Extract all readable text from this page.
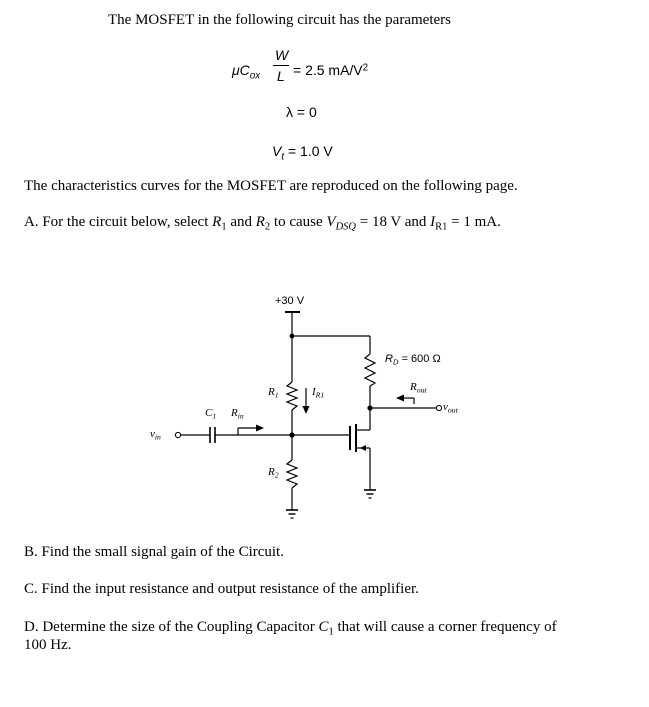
The MOSFET in the following circuit has the parameters
$\mu C_{ox}$
W
L = 2.5 $mA/V^2$
λ = 0
$V_t = 1.0$ V
The characteristics curves for the MOSFET are reproduced on the following page.
A. For the circuit below, select $R_1$ and $R_2$ to cause $V_{DSQ} = 18$ V and $I_{R1} = 1$ mA.
+30 V
$R_D = 600$ Ω
$R_{out}$
$v_{out}$
$R_1$	$I_{R1}$
$C_1$ $R_{in}$
$v_{in}$
$R_2$
B. Find the small signal gain of the Circuit.
C. Find the input resistance and output resistance of the amplifier.
D. Determine the size of the Coupling Capacitor $C_1$ that will cause a corner frequency of
100 Hz.
